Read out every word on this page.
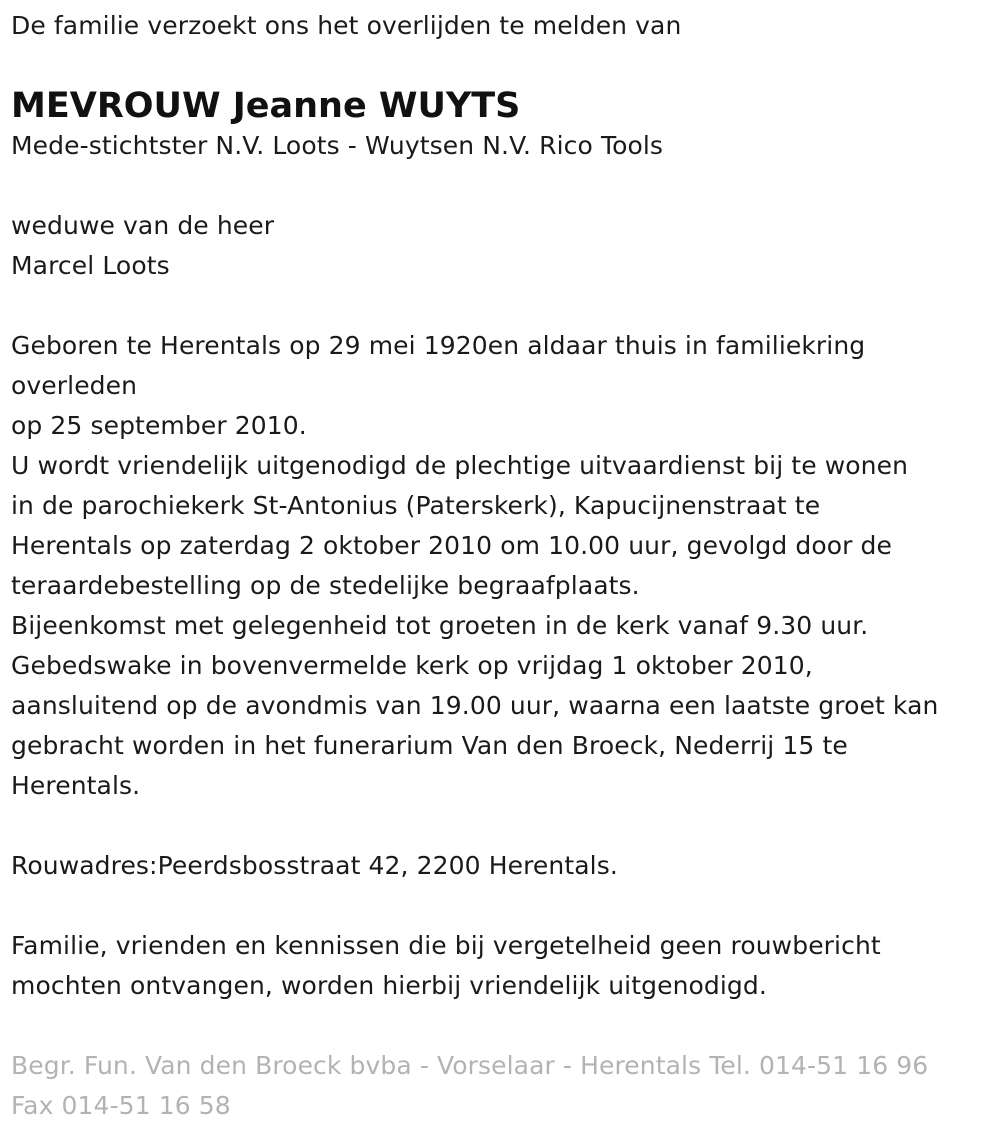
De familie verzoekt ons het overlijden te melden van
MEVROUW Jeanne WUYTS
Mede-stichtster N.V. Loots - Wuytsen N.V. Rico Tools
weduwe van de heer
Marcel Loots
Geboren te Herentals op 29 mei 1920en aldaar thuis in familiekring
overleden
op 25 september 2010.
U wordt vriendelijk uitgenodigd de plechtige uitvaardienst bij te wonen
in de parochiekerk St-Antonius (Paterskerk), Kapucijnenstraat te
Herentals op zaterdag 2 oktober 2010 om 10.00 uur, gevolgd door de
teraardebestelling op de stedelijke begraafplaats.
Bijeenkomst met gelegenheid tot groeten in de kerk vanaf 9.30 uur.
Gebedswake in bovenvermelde kerk op vrijdag 1 oktober 2010,
aansluitend op de avondmis van 19.00 uur, waarna een laatste groet kan
gebracht worden in het funerarium Van den Broeck, Nederrij 15 te
Herentals.
Rouwadres:Peerdsbosstraat 42, 2200 Herentals.
Familie, vrienden en kennissen die bij vergetelheid geen rouwbericht
mochten ontvangen, worden hierbij vriendelijk uitgenodigd.
Begr. Fun. Van den Broeck bvba - Vorselaar - Herentals Tel. 014-51 16 96
Fax 014-51 16 58
